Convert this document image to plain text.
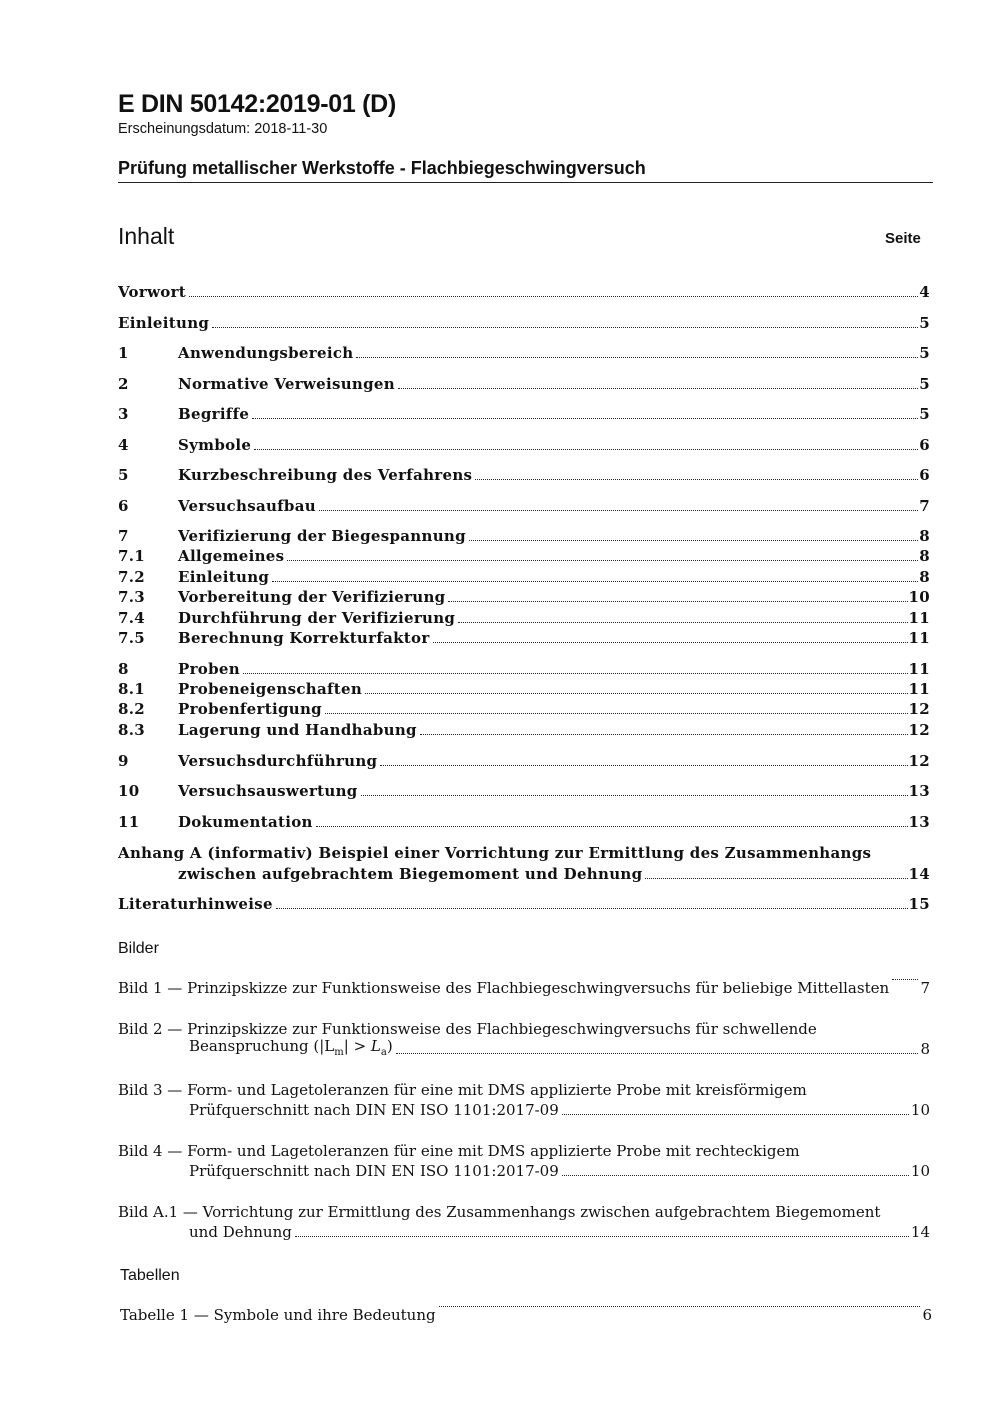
E DIN 50142:2019-01 (D)
Erscheinungsdatum: 2018-11-30
Prüfung metallischer Werkstoffe - Flachbiegeschwingversuch
Inhalt	Seite
Vorwort	4
Einleitung	5
1	Anwendungsbereich	5
2	Normative Verweisungen	5
3	Begriffe	5
4	Symbole	6
5	Kurzbeschreibung des Verfahrens	6
6	Versuchsaufbau	7
7	Verifizierung der Biegespannung	8
7.1	Allgemeines	8
7.2	Einleitung	8
7.3	Vorbereitung der Verifizierung	10
7.4	Durchführung der Verifizierung	11
7.5	Berechnung Korrekturfaktor	11
8	Proben	11
8.1	Probeneigenschaften	11
8.2	Probenfertigung	12
8.3	Lagerung und Handhabung	12
9	Versuchsdurchführung	12
10	Versuchsauswertung	13
11	Dokumentation	13
Anhang A (informativ) Beispiel einer Vorrichtung zur Ermittlung des Zusammenhangs
zwischen aufgebrachtem Biegemoment und Dehnung	14
Literaturhinweise	15
Bilder
Bild 1 — Prinzipskizze zur Funktionsweise des Flachbiegeschwingversuchs für beliebige Mittellasten 7
Bild 2 — Prinzipskizze zur Funktionsweise des Flachbiegeschwingversuchs für schwellende
Beanspruchung $(|L_m| > L_a)$	8
Bild 3 — Form- und Lagetoleranzen für eine mit DMS applizierte Probe mit kreisförmigem
Prüfquerschnitt nach DIN EN ISO 1101:2017-09	10
Bild 4 — Form- und Lagetoleranzen für eine mit DMS applizierte Probe mit rechteckigem
Prüfquerschnitt nach DIN EN ISO 1101:2017-09	10
Bild A.1 — Vorrichtung zur Ermittlung des Zusammenhangs zwischen aufgebrachtem Biegemoment
und Dehnung	14
Tabellen
Tabelle 1 — Symbole und ihre Bedeutung	6
